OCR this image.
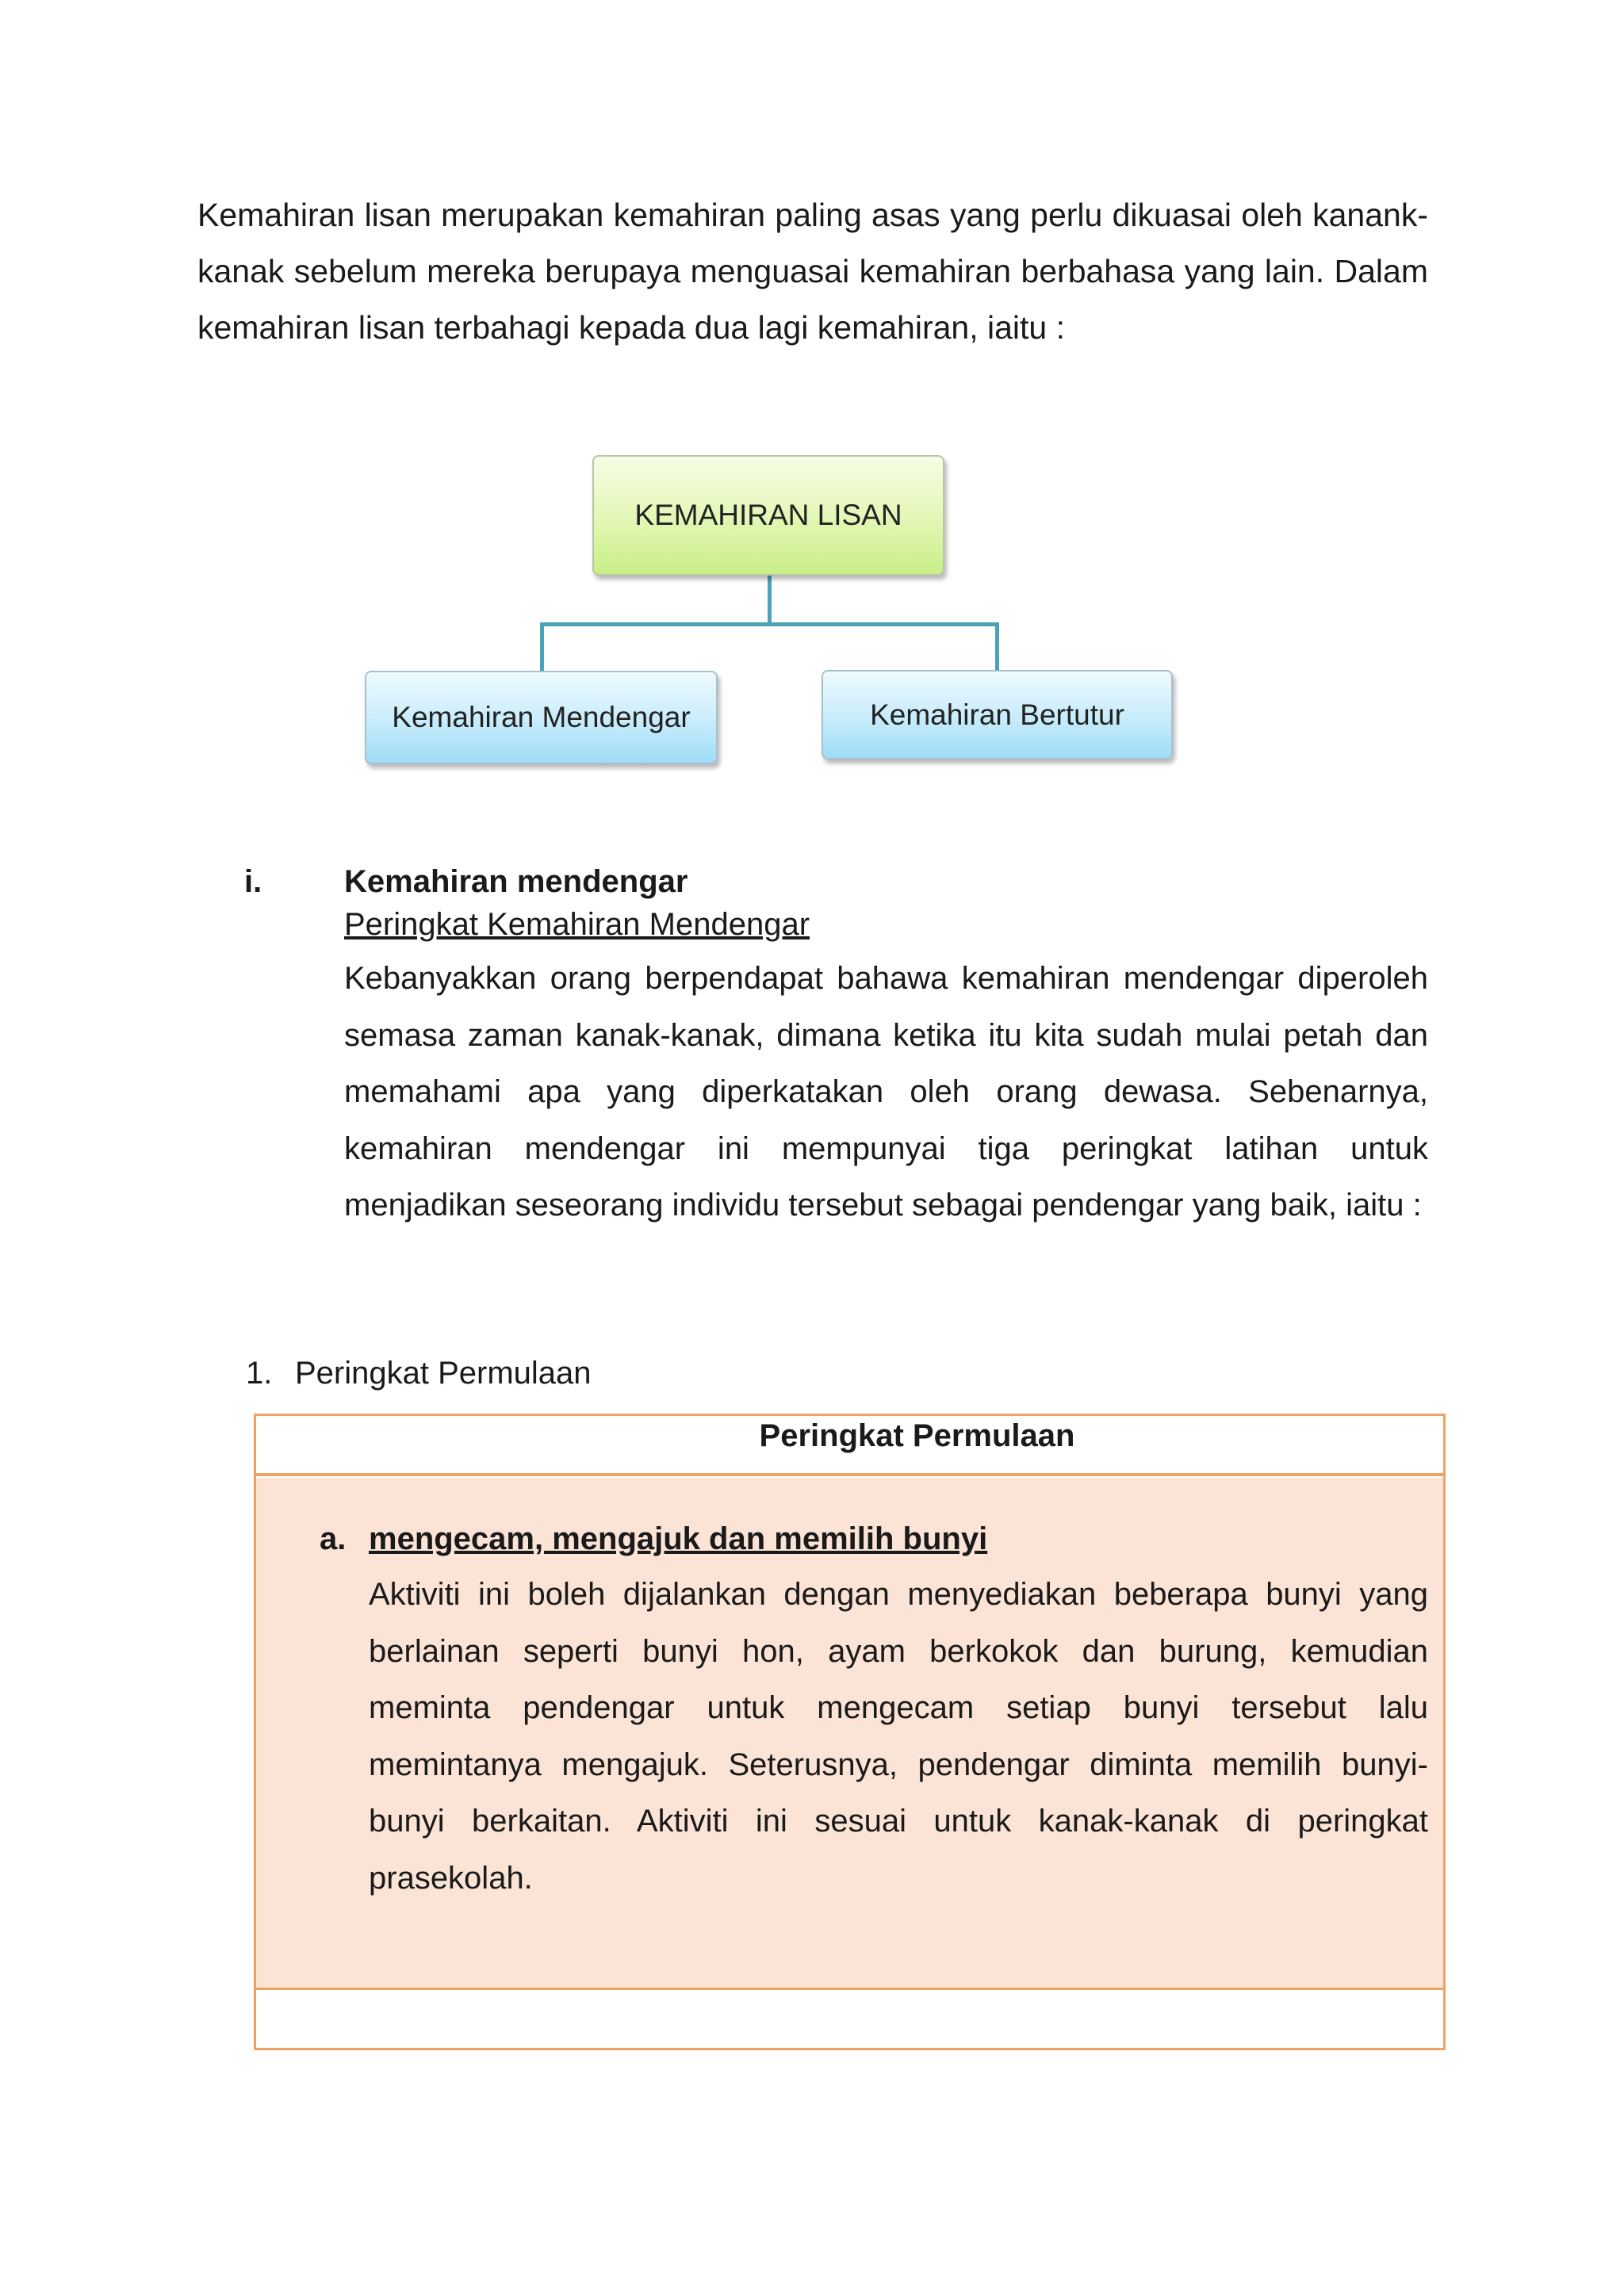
Kemahiran lisan merupakan kemahiran paling asas yang perlu dikuasai oleh kanank-kanak sebelum mereka berupaya menguasai kemahiran berbahasa yang lain. Dalam kemahiran lisan terbahagi kepada dua lagi kemahiran, iaitu :

KEMAHIRAN LISAN
Kemahiran Mendengar	Kemahiran Bertutur
i.	Kemahiran mendengar

Peringkat Kemahiran Mendengar

Kebanyakkan orang berpendapat bahawa kemahiran mendengar diperoleh semasa zaman kanak-kanak, dimana ketika itu kita sudah mulai petah dan memahami apa yang diperkatakan oleh orang dewasa. Sebenarnya, kemahiran mendengar ini mempunyai tiga peringkat latihan untuk menjadikan seseorang individu tersebut sebagai pendengar yang baik, iaitu :

1. Peringkat Permulaan

Peringkat Permulaan
a. mengecam, mengajuk dan memilih bunyi

Aktiviti ini boleh dijalankan dengan menyediakan beberapa bunyi yang berlainan seperti bunyi hon, ayam berkokok dan burung, kemudian meminta pendengar untuk mengecam setiap bunyi tersebut lalu memintanya mengajuk. Seterusnya, pendengar diminta memilih bunyi-bunyi berkaitan. Aktiviti ini sesuai untuk kanak-kanak di peringkat prasekolah.
